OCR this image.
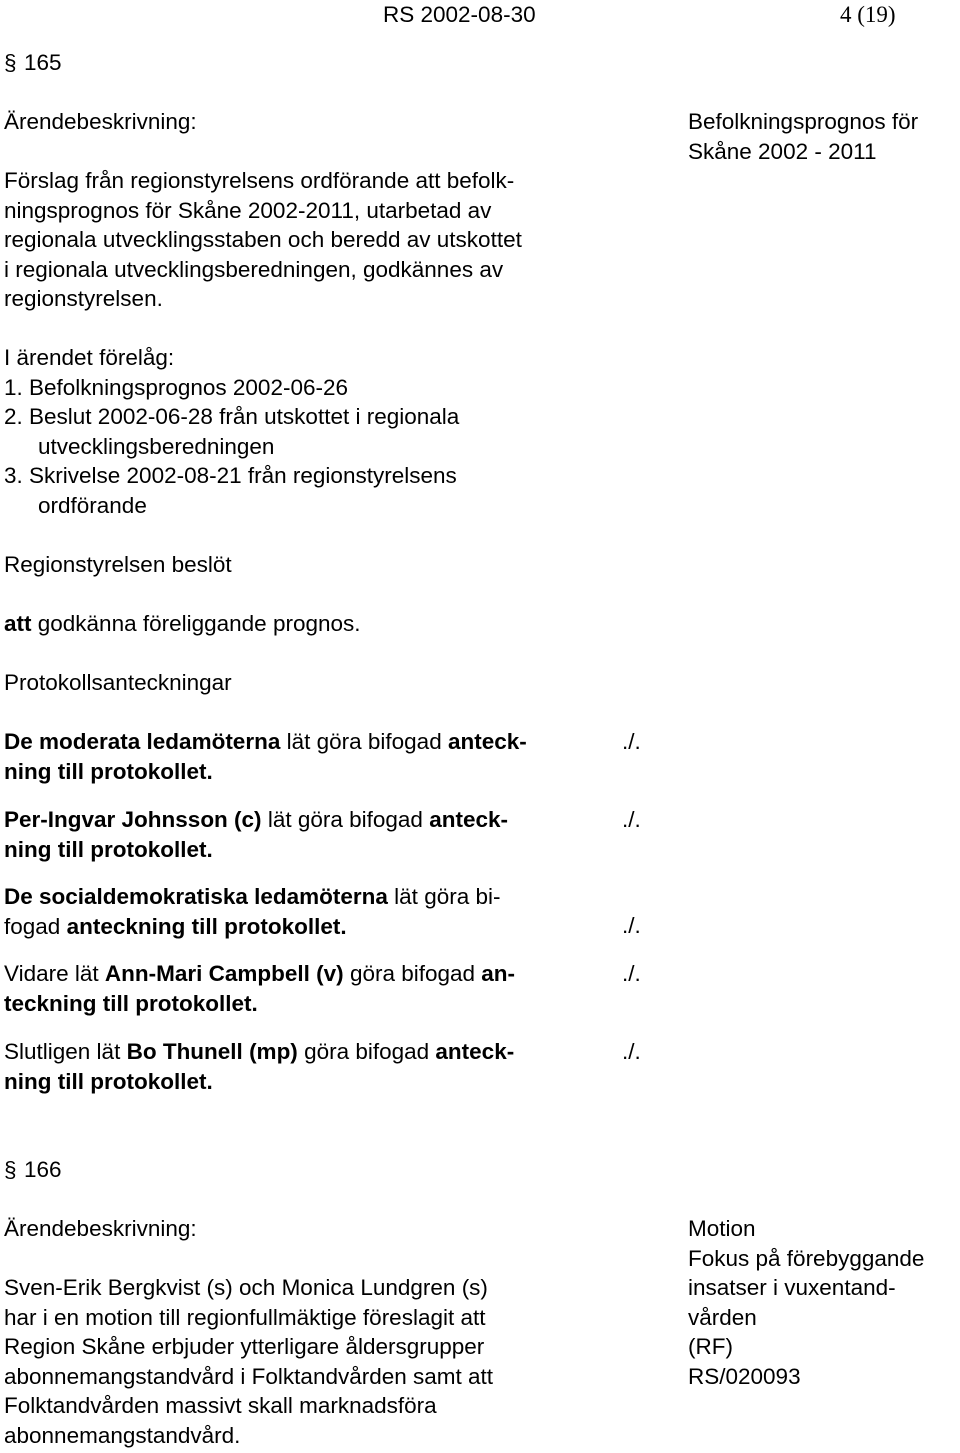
RS 2002-08-30	4 (19)
§ 165
Ärendebeskrivning:	Befolkningsprognos för
Skåne 2002 - 2011
Förslag från regionstyrelsens ordförande att befolk-
ningsprognos för Skåne 2002-2011, utarbetad av
regionala utvecklingsstaben och beredd av utskottet
i regionala utvecklingsberedningen, godkännes av
regionstyrelsen.
I ärendet förelåg:
1. Befolkningsprognos 2002-06-26
2. Beslut 2002-06-28 från utskottet i regionala
utvecklingsberedningen
3. Skrivelse 2002-08-21 från regionstyrelsens
ordförande
Regionstyrelsen beslöt
att godkänna föreliggande prognos.
Protokollsanteckningar
De moderata ledamöterna lät göra bifogad anteck-
ning till protokollet.
./.
Per-Ingvar Johnsson (c) lät göra bifogad anteck-
ning till protokollet.
./.
De socialdemokratiska ledamöterna lät göra bi-
fogad anteckning till protokollet.	./.
Vidare lät Ann-Mari Campbell (v) göra bifogad an-
teckning till protokollet.
./.
Slutligen lät Bo Thunell (mp) göra bifogad anteck-
ning till protokollet.
./.
§ 166
Ärendebeskrivning:	Motion
Fokus på förebyggande
insatser i vuxentand-
vården
(RF)
RS/020093
Sven-Erik Bergkvist (s) och Monica Lundgren (s)
har i en motion till regionfullmäktige föreslagit att
Region Skåne erbjuder ytterligare åldersgrupper
abonnemangstandvård i Folktandvården samt att
Folktandvården massivt skall marknadsföra
abonnemangstandvård.
